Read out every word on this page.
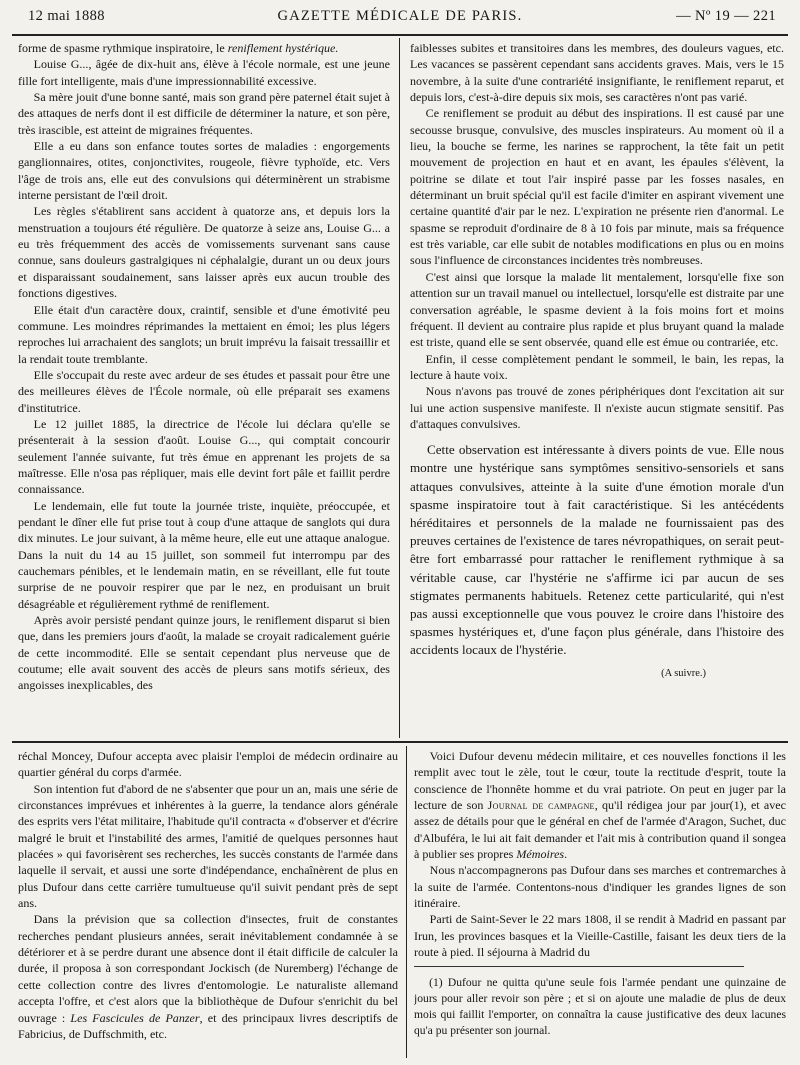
12 mai 1888	GAZETTE MÉDICALE DE PARIS.	— Nº 19 — 221

forme de spasme rythmique inspiratoire, le reniflement hystérique.

Louise G..., âgée de dix-huit ans, élève à l'école normale, est une jeune fille fort intelligente, mais d'une impressionnabilité excessive.

Sa mère jouit d'une bonne santé, mais son grand père paternel était sujet à des attaques de nerfs dont il est difficile de déterminer la nature, et son père, très irascible, est atteint de migraines fréquentes.

Elle a eu dans son enfance toutes sortes de maladies : engorgements ganglionnaires, otites, conjonctivites, rougeole, fièvre typhoïde, etc. Vers l'âge de trois ans, elle eut des convulsions qui déterminèrent un strabisme interne persistant de l'œil droit.

Les règles s'établirent sans accident à quatorze ans, et depuis lors la menstruation a toujours été régulière. De quatorze à seize ans, Louise G... a eu très fréquemment des accès de vomissements survenant sans cause connue, sans douleurs gastralgiques ni céphalalgie, durant un ou deux jours et disparaissant soudainement, sans laisser après eux aucun trouble des fonctions digestives.

Elle était d'un caractère doux, craintif, sensible et d'une émotivité peu commune. Les moindres réprimandes la mettaient en émoi; les plus légers reproches lui arrachaient des sanglots; un bruit imprévu la faisait tressaillir et la rendait toute tremblante.

Elle s'occupait du reste avec ardeur de ses études et passait pour être une des meilleures élèves de l'École normale, où elle préparait ses examens d'institutrice.

Le 12 juillet 1885, la directrice de l'école lui déclara qu'elle se présenterait à la session d'août. Louise G..., qui comptait concourir seulement l'année suivante, fut très émue en apprenant les projets de sa maîtresse. Elle n'osa pas répliquer, mais elle devint fort pâle et faillit perdre connaissance.

Le lendemain, elle fut toute la journée triste, inquiète, préoccupée, et pendant le dîner elle fut prise tout à coup d'une attaque de sanglots qui dura dix minutes. Le jour suivant, à la même heure, elle eut une attaque analogue. Dans la nuit du 14 au 15 juillet, son sommeil fut interrompu par des cauchemars pénibles, et le lendemain matin, en se réveillant, elle fut toute surprise de ne pouvoir respirer que par le nez, en produisant un bruit désagréable et régulièrement rythmé de reniflement.

Après avoir persisté pendant quinze jours, le reniflement disparut si bien que, dans les premiers jours d'août, la malade se croyait radicalement guérie de cette incommodité. Elle se sentait cependant plus nerveuse que de coutume; elle avait souvent des accès de pleurs sans motifs sérieux, des angoisses inexplicables, des

faiblesses subites et transitoires dans les membres, des douleurs vagues, etc. Les vacances se passèrent cependant sans accidents graves. Mais, vers le 15 novembre, à la suite d'une contrariété insignifiante, le reniflement reparut, et depuis lors, c'est-à-dire depuis six mois, ses caractères n'ont pas varié.

Ce reniflement se produit au début des inspirations. Il est causé par une secousse brusque, convulsive, des muscles inspirateurs. Au moment où il a lieu, la bouche se ferme, les narines se rapprochent, la tête fait un petit mouvement de projection en haut et en avant, les épaules s'élèvent, la poitrine se dilate et tout l'air inspiré passe par les fosses nasales, en déterminant un bruit spécial qu'il est facile d'imiter en aspirant vivement une certaine quantité d'air par le nez. L'expiration ne présente rien d'anormal. Le spasme se reproduit d'ordinaire de 8 à 10 fois par minute, mais sa fréquence est très variable, car elle subit de notables modifications en plus ou en moins sous l'influence de circonstances incidentes très nombreuses.

C'est ainsi que lorsque la malade lit mentalement, lorsqu'elle fixe son attention sur un travail manuel ou intellectuel, lorsqu'elle est distraite par une conversation agréable, le spasme devient à la fois moins fort et moins fréquent. Il devient au contraire plus rapide et plus bruyant quand la malade est triste, quand elle se sent observée, quand elle est émue ou contrariée, etc.

Enfin, il cesse complètement pendant le sommeil, le bain, les repas, la lecture à haute voix.

Nous n'avons pas trouvé de zones périphériques dont l'excitation ait sur lui une action suspensive manifeste. Il n'existe aucun stigmate sensitif. Pas d'attaques convulsives.

Cette observation est intéressante à divers points de vue. Elle nous montre une hystérique sans symptômes sensitivo-sensoriels et sans attaques convulsives, atteinte à la suite d'une émotion morale d'un spasme inspiratoire tout à fait caractéristique. Si les antécédents héréditaires et personnels de la malade ne fournissaient pas des preuves certaines de l'existence de tares névropathiques, on serait peut-être fort embarrassé pour rattacher le reniflement rythmique à sa véritable cause, car l'hystérie ne s'affirme ici par aucun de ses stigmates permanents habituels. Retenez cette particularité, qui n'est pas aussi exceptionnelle que vous pouvez le croire dans l'histoire des spasmes hystériques et, d'une façon plus générale, dans l'histoire des accidents locaux de l'hystérie.

(A suivre.)

réchal Moncey, Dufour accepta avec plaisir l'emploi de médecin ordinaire au quartier général du corps d'armée.

Son intention fut d'abord de ne s'absenter que pour un an, mais une série de circonstances imprévues et inhérentes à la guerre, la tendance alors générale des esprits vers l'état militaire, l'habitude qu'il contracta « d'observer et d'écrire malgré le bruit et l'instabilité des armes, l'amitié de quelques personnes haut placées » qui favorisèrent ses recherches, les succès constants de l'armée dans laquelle il servait, et aussi une sorte d'indépendance, enchaînèrent de plus en plus Dufour dans cette carrière tumultueuse qu'il suivit pendant près de sept ans.

Dans la prévision que sa collection d'insectes, fruit de constantes recherches pendant plusieurs années, serait inévitablement condamnée à se détériorer et à se perdre durant une absence dont il était difficile de calculer la durée, il proposa à son correspondant Jockisch (de Nuremberg) l'échange de cette collection contre des livres d'entomologie. Le naturaliste allemand accepta l'offre, et c'est alors que la bibliothèque de Dufour s'enrichit du bel ouvrage : Les Fascicules de Panzer, et des principaux livres descriptifs de Fabricius, de Duffschmith, etc.

Voici Dufour devenu médecin militaire, et ces nouvelles fonctions il les remplit avec tout le zèle, tout le cœur, toute la rectitude d'esprit, toute la conscience de l'honnête homme et du vrai patriote. On peut en juger par la lecture de son Journal de campagne, qu'il rédigea jour par jour(1), et avec assez de détails pour que le général en chef de l'armée d'Aragon, Suchet, duc d'Albuféra, le lui ait fait demander et l'ait mis à contribution quand il songea à publier ses propres Mémoires.

Nous n'accompagnerons pas Dufour dans ses marches et contremarches à la suite de l'armée. Contentons-nous d'indiquer les grandes lignes de son itinéraire.

Parti de Saint-Sever le 22 mars 1808, il se rendit à Madrid en passant par Irun, les provinces basques et la Vieille-Castille, faisant les deux tiers de la route à pied. Il séjourna à Madrid du

(1) Dufour ne quitta qu'une seule fois l'armée pendant une quinzaine de jours pour aller revoir son père ; et si on ajoute une maladie de plus de deux mois qui faillit l'emporter, on connaîtra la cause justificative des deux lacunes qu'a pu présenter son journal.
